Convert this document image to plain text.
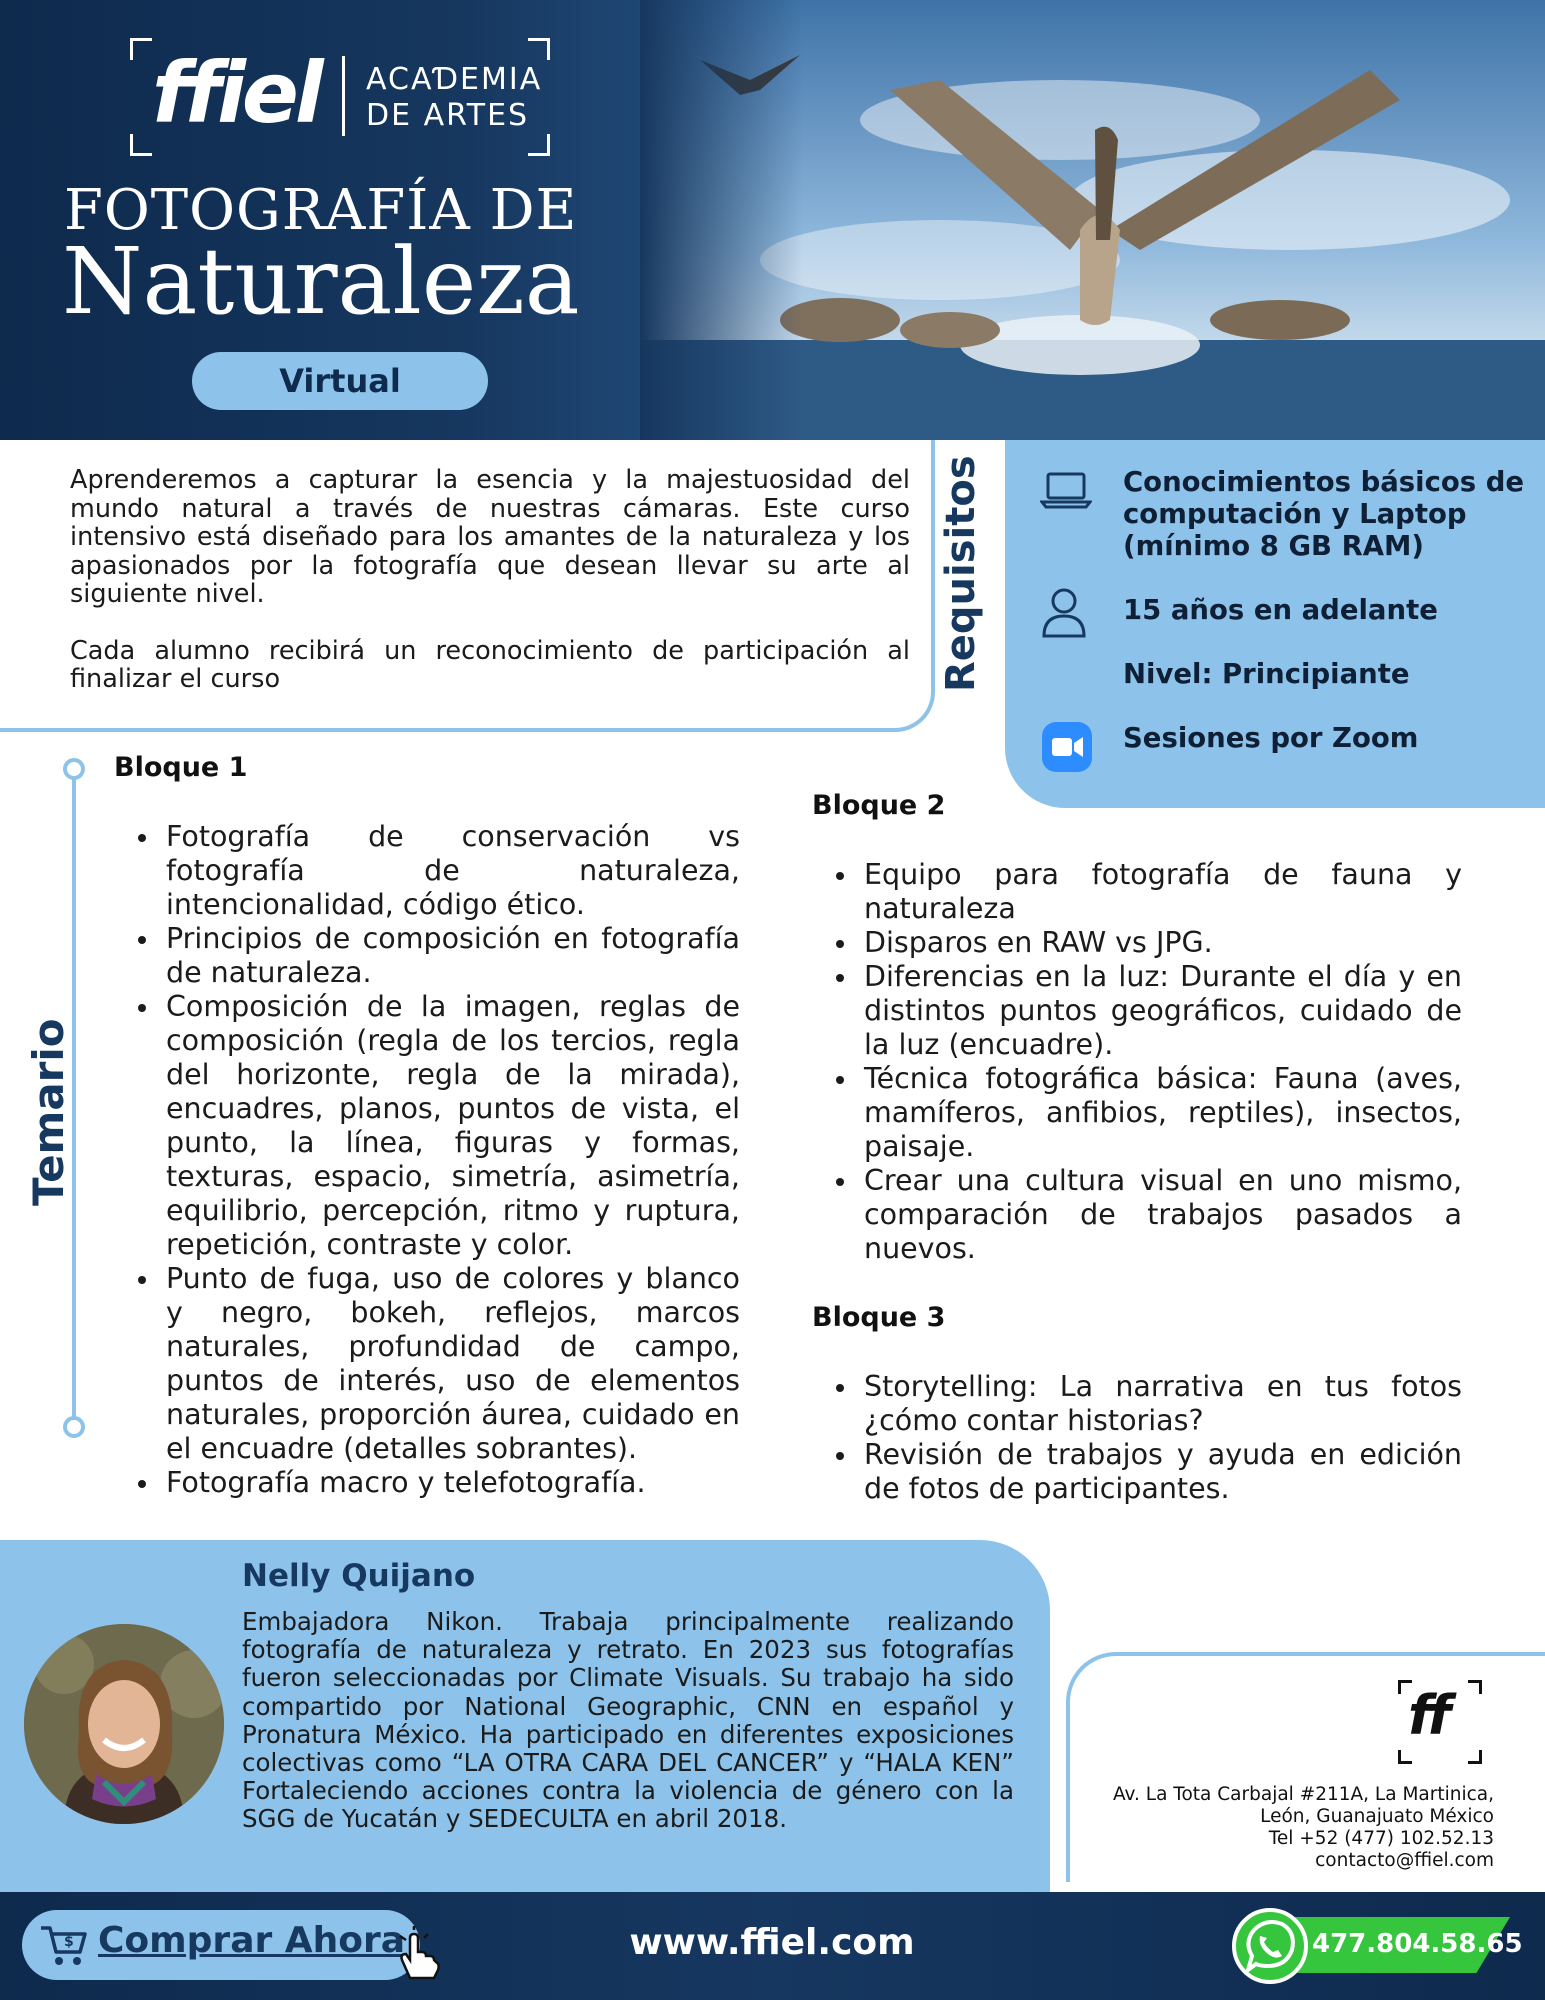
ffiel ACAƊEMIA
DE ARTES
FOTOGRAFÍA DE
Naturaleza
Virtual

Aprenderemos a capturar la esencia y la majestuosidad del mundo natural a través de nuestras cámaras. Este curso intensivo está diseñado para los amantes de la naturaleza y los apasionados por la fotografía que desean llevar su arte al siguiente nivel.

Cada alumno recibirá un reconocimiento de participación al finalizar el curso	Requisitos	Conocimientos básicos de computación y Laptop (mínimo 8 GB RAM)
15 años en adelante
Nivel: Principiante
Sesiones por Zoom
Temario
Bloque 1
Fotografía de conservación vs fotografía de naturaleza, intencionalidad, código ético.
Principios de composición en fotografía de naturaleza.
Composición de la imagen, reglas de composición (regla de los tercios, regla del horizonte, regla de la mirada), encuadres, planos, puntos de vista, el punto, la línea, figuras y formas, texturas, espacio, simetría, asimetría, equilibrio, percepción, ritmo y ruptura, repetición, contraste y color.
Punto de fuga, uso de colores y blanco y negro, bokeh, reflejos, marcos naturales, profundidad de campo, puntos de interés, uso de elementos naturales, proporción áurea, cuidado en el encuadre (detalles sobrantes).
Fotografía macro y telefotografía.
Bloque 2
Equipo para fotografía de fauna y naturaleza
Disparos en RAW vs JPG.
Diferencias en la luz: Durante el día y en distintos puntos geográficos, cuidado de la luz (encuadre).
Técnica fotográfica básica: Fauna (aves, mamíferos, anfibios, reptiles), insectos, paisaje.
Crear una cultura visual en uno mismo, comparación de trabajos pasados a nuevos.
Bloque 3
Storytelling: La narrativa en tus fotos ¿cómo contar historias?
Revisión de trabajos y ayuda en edición de fotos de participantes.
Nelly Quijano
Embajadora Nikon. Trabaja principalmente realizando fotografía de naturaleza y retrato. En 2023 sus fotografías fueron seleccionadas por Climate Visuals. Su trabajo ha sido compartido por National Geographic, CNN en español y Pronatura México. Ha participado en diferentes exposiciones colectivas como “LA OTRA CARA DEL CANCER” y “HALA KEN” Fortaleciendo acciones contra la violencia de género con la SGG de Yucatán y SEDECULTA en abril 2018.
ff
Av. La Tota Carbajal #211A, La Martinica,
León, Guanajuato México
Tel +52 (477) 102.52.13
contacto@ffiel.com
$ Comprar Ahora	www.ffiel.com	477.804.58.65
